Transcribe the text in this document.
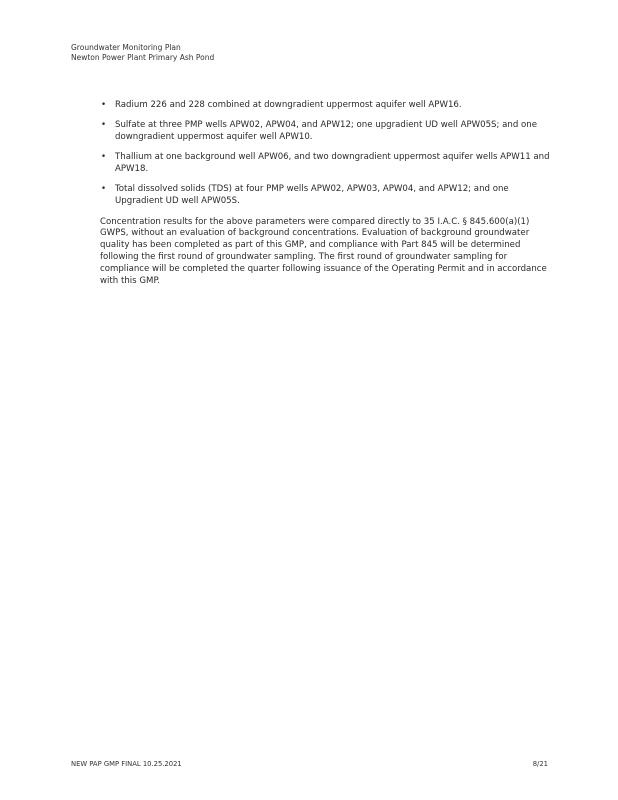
Groundwater Monitoring Plan
Newton Power Plant Primary Ash Pond
• Radium 226 and 228 combined at downgradient uppermost aquifer well APW16.
• Sulfate at three PMP wells APW02, APW04, and APW12; one upgradient UD well APW05S; and one downgradient uppermost aquifer well APW10.
• Thallium at one background well APW06, and two downgradient uppermost aquifer wells APW11 and APW18.
• Total dissolved solids (TDS) at four PMP wells APW02, APW03, APW04, and APW12; and one Upgradient UD well APW05S.

Concentration results for the above parameters were compared directly to 35 I.A.C. § 845.600(a)(1) GWPS, without an evaluation of background concentrations. Evaluation of background groundwater quality has been completed as part of this GMP, and compliance with Part 845 will be determined following the first round of groundwater sampling. The first round of groundwater sampling for compliance will be completed the quarter following issuance of the Operating Permit and in accordance with this GMP.

NEW PAP GMP FINAL 10.25.2021	8/21
